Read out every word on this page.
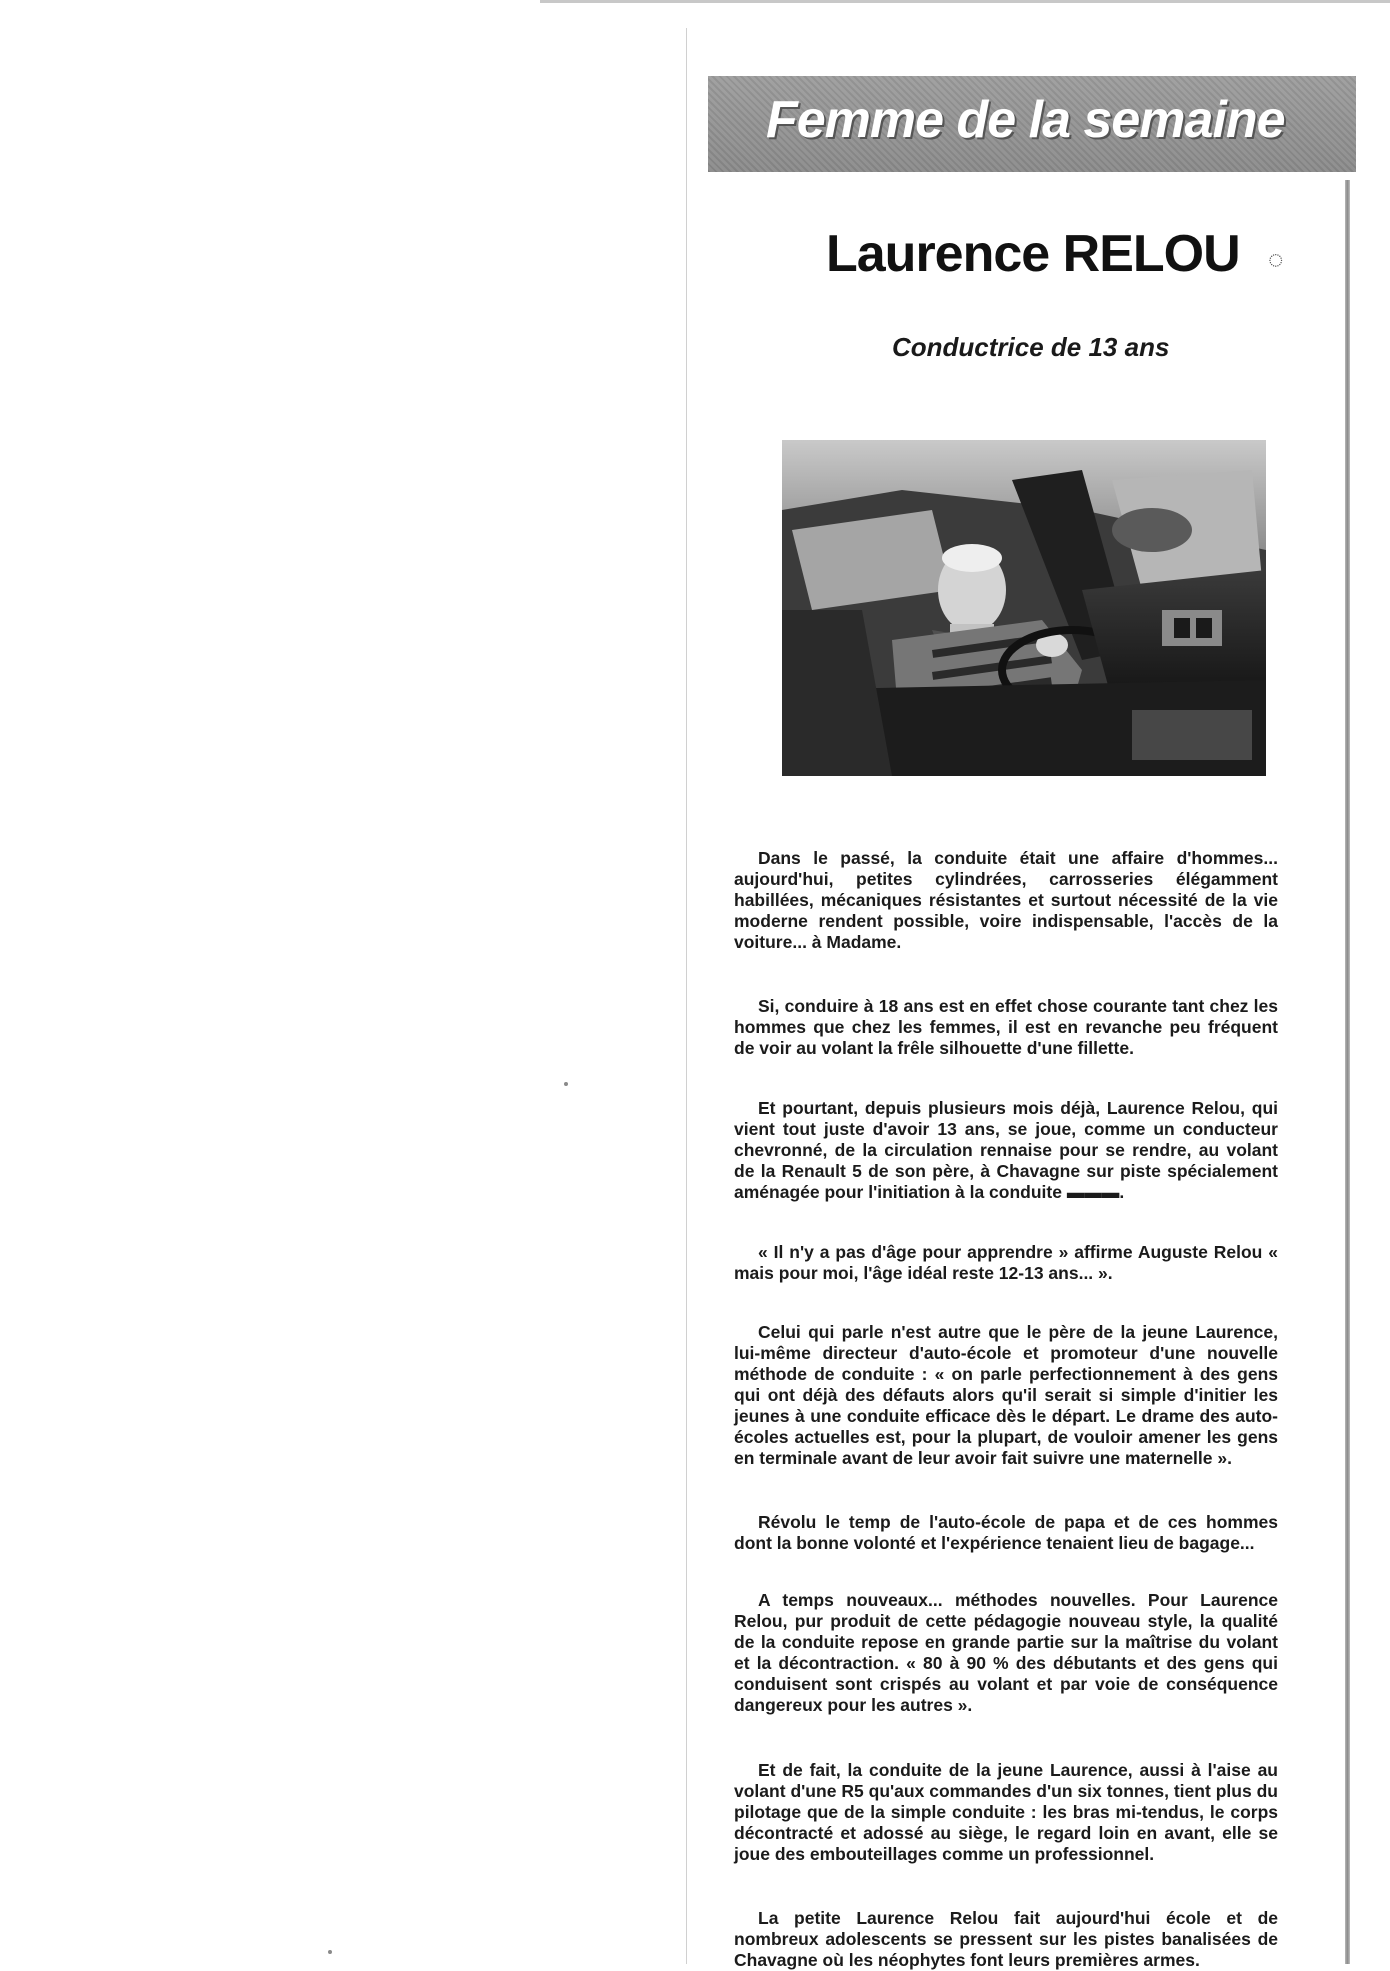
Femme de la semaine
Laurence RELOU ◌
Conductrice de 13 ans

Dans le passé, la conduite était une affaire d'hommes... aujourd'hui, petites cylindrées, carrosseries élégamment habillées, mécaniques résistantes et surtout nécessité de la vie moderne rendent possible, voire indispensable, l'accès de la voiture... à Madame.

Si, conduire à 18 ans est en effet chose courante tant chez les hommes que chez les femmes, il est en revanche peu fréquent de voir au volant la frêle silhouette d'une fillette.

Et pourtant, depuis plusieurs mois déjà, Laurence Relou, qui vient tout juste d'avoir 13 ans, se joue, comme un conducteur chevronné, de la circulation rennaise pour se rendre, au volant de la Renault 5 de son père, à Chavagne sur piste spécialement aménagée pour l'initiation à la conduite ▬▬▬.

« Il n'y a pas d'âge pour apprendre » affirme Auguste Relou « mais pour moi, l'âge idéal reste 12-13 ans... ».

Celui qui parle n'est autre que le père de la jeune Laurence, lui-même directeur d'auto-école et promoteur d'une nouvelle méthode de conduite : « on parle perfectionnement à des gens qui ont déjà des défauts alors qu'il serait si simple d'initier les jeunes à une conduite efficace dès le départ. Le drame des auto-écoles actuelles est, pour la plupart, de vouloir amener les gens en terminale avant de leur avoir fait suivre une maternelle ».

Révolu le temp de l'auto-école de papa et de ces hommes dont la bonne volonté et l'expérience tenaient lieu de bagage...

A temps nouveaux... méthodes nouvelles. Pour Laurence Relou, pur produit de cette pédagogie nouveau style, la qualité de la conduite repose en grande partie sur la maîtrise du volant et la décontraction. « 80 à 90 % des débutants et des gens qui conduisent sont crispés au volant et par voie de conséquence dangereux pour les autres ».

Et de fait, la conduite de la jeune Laurence, aussi à l'aise au volant d'une R5 qu'aux commandes d'un six tonnes, tient plus du pilotage que de la simple conduite : les bras mi-tendus, le corps décontracté et adossé au siège, le regard loin en avant, elle se joue des embouteillages comme un professionnel.

La petite Laurence Relou fait aujourd'hui école et de nombreux adolescents se pressent sur les pistes banalisées de Chavagne où les néophytes font leurs premières armes.
